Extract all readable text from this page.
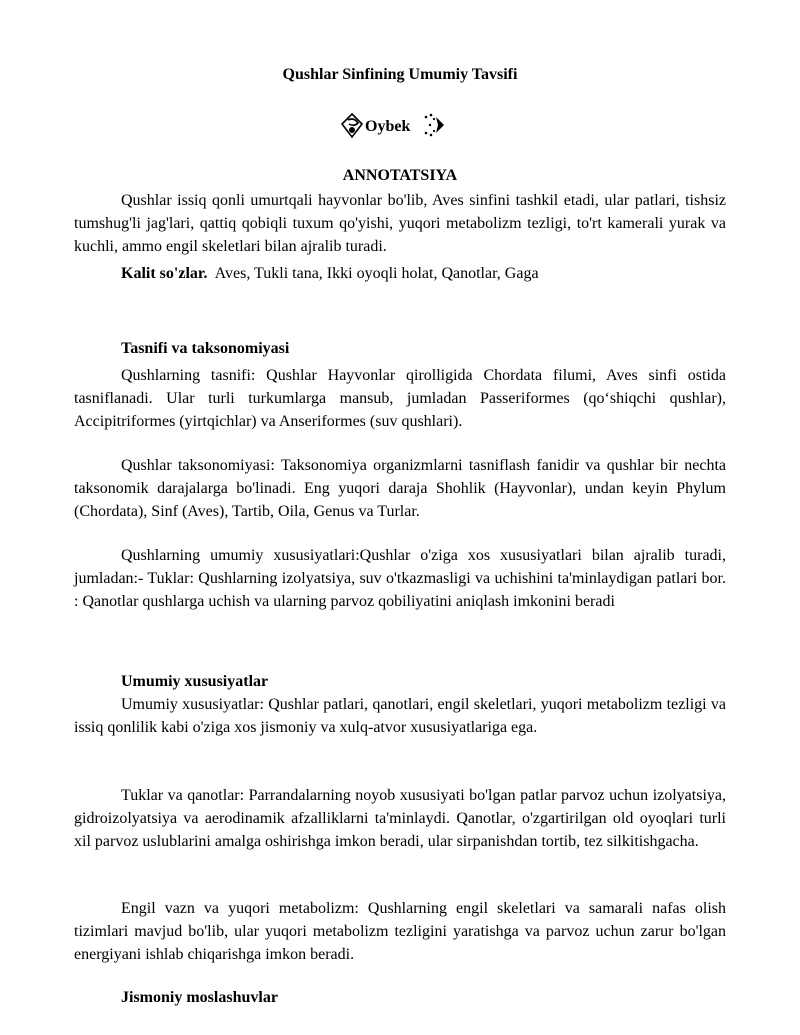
Qushlar Sinfining Umumiy Tavsifi
Oybek
ANNOTATSIYA
Qushlar issiq qonli umurtqali hayvonlar bo'lib, Aves sinfini tashkil etadi, ular patlari, tishsiz tumshug'li jag'lari, qattiq qobiqli tuxum qo'yishi, yuqori metabolizm tezligi, to'rt kamerali yurak va kuchli, ammo engil skeletlari bilan ajralib turadi.
Kalit so'zlar. Aves, Tukli tana, Ikki oyoqli holat, Qanotlar, Gaga
Tasnifi va taksonomiyasi
Qushlarning tasnifi: Qushlar Hayvonlar qirolligida Chordata filumi, Aves sinfi ostida tasniflanadi. Ular turli turkumlarga mansub, jumladan Passeriformes (qo‘shiqchi qushlar), Accipitriformes (yirtqichlar) va Anseriformes (suv qushlari).
Qushlar taksonomiyasi: Taksonomiya organizmlarni tasniflash fanidir va qushlar bir nechta taksonomik darajalarga bo'linadi. Eng yuqori daraja Shohlik (Hayvonlar), undan keyin Phylum (Chordata), Sinf (Aves), Tartib, Oila, Genus va Turlar.
Qushlarning umumiy xususiyatlari:Qushlar o'ziga xos xususiyatlari bilan ajralib turadi, jumladan:- Tuklar: Qushlarning izolyatsiya, suv o'tkazmasligi va uchishini ta'minlaydigan patlari bor. : Qanotlar qushlarga uchish va ularning parvoz qobiliyatini aniqlash imkonini beradi
Umumiy xususiyatlar
Umumiy xususiyatlar: Qushlar patlari, qanotlari, engil skeletlari, yuqori metabolizm tezligi va issiq qonlilik kabi o'ziga xos jismoniy va xulq-atvor xususiyatlariga ega.
Tuklar va qanotlar: Parrandalarning noyob xususiyati bo'lgan patlar parvoz uchun izolyatsiya, gidroizolyatsiya va aerodinamik afzalliklarni ta'minlaydi. Qanotlar, o'zgartirilgan old oyoqlari turli xil parvoz uslublarini amalga oshirishga imkon beradi, ular sirpanishdan tortib, tez silkitishgacha.
Engil vazn va yuqori metabolizm: Qushlarning engil skeletlari va samarali nafas olish tizimlari mavjud bo'lib, ular yuqori metabolizm tezligini yaratishga va parvoz uchun zarur bo'lgan energiyani ishlab chiqarishga imkon beradi.
Jismoniy moslashuvlar
